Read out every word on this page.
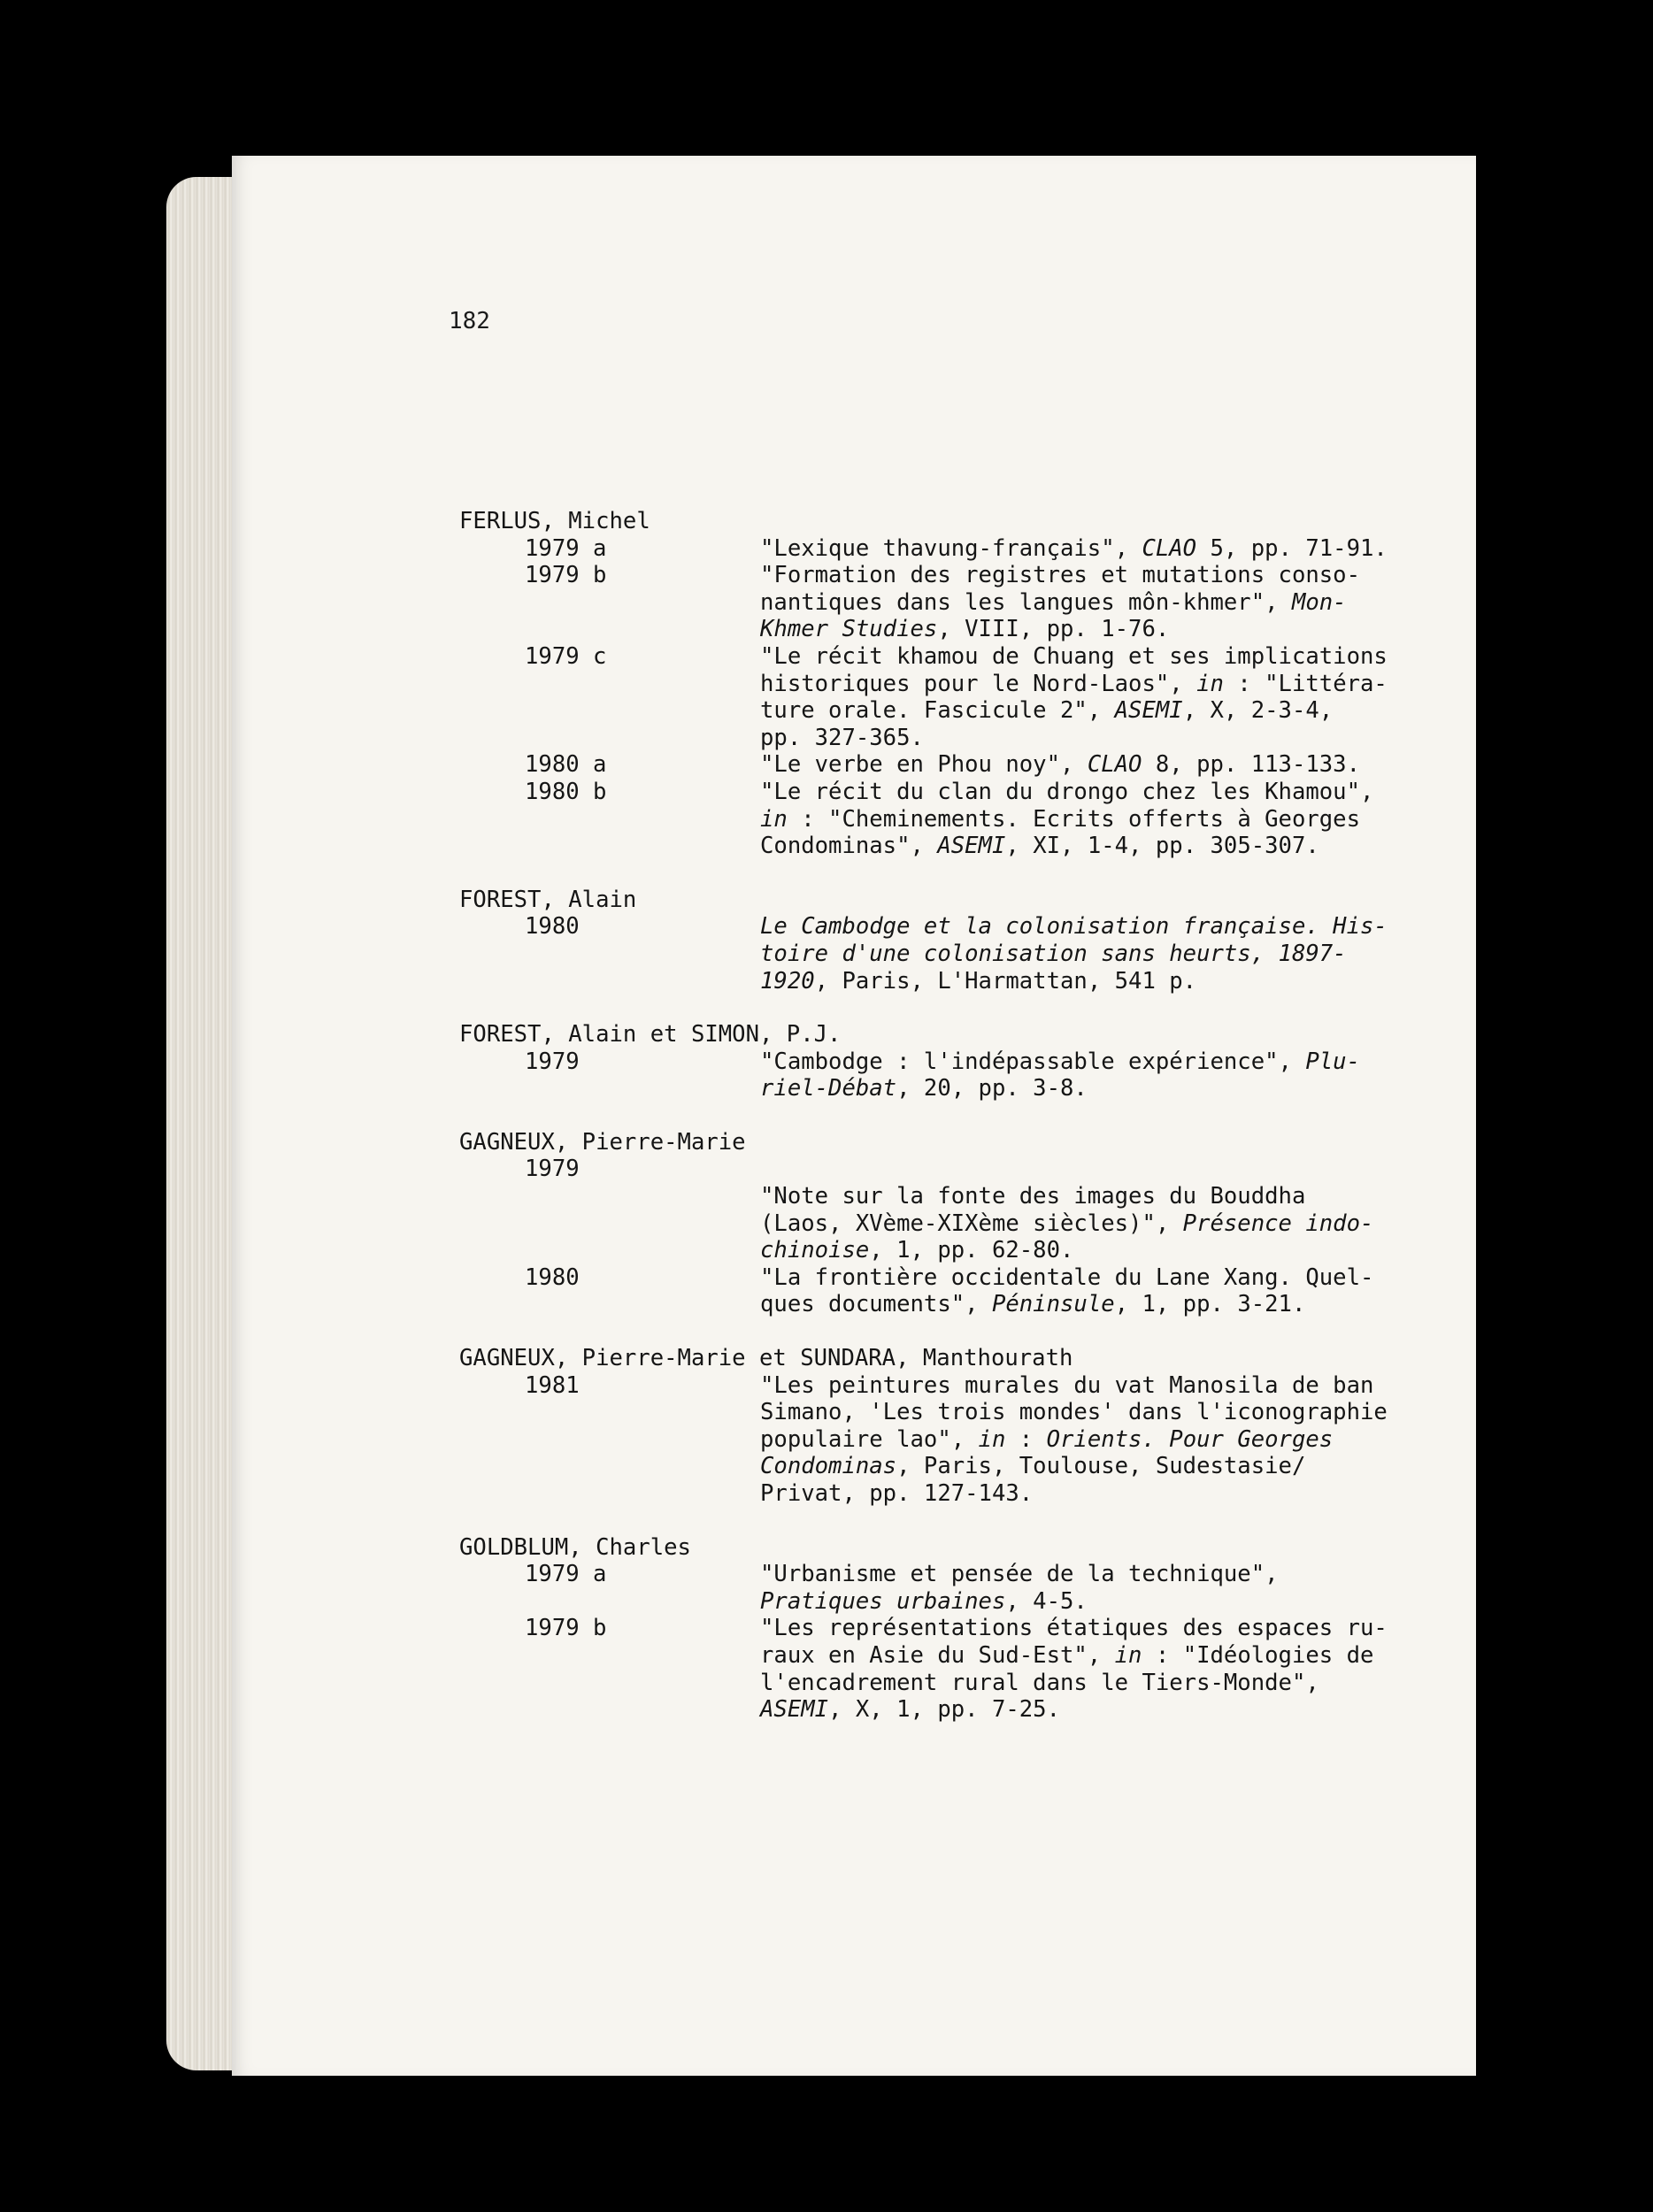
182
FERLUS, Michel
1979 a	"Lexique thavung-français", CLAO 5, pp. 71-91.
1979 b	"Formation des registres et mutations conso-
nantiques dans les langues môn-khmer", Mon-
Khmer Studies, VIII, pp. 1-76.
1979 c	"Le récit khamou de Chuang et ses implications
historiques pour le Nord-Laos", in : "Littéra-
ture orale. Fascicule 2", ASEMI, X, 2-3-4,
pp. 327-365.
1980 a	"Le verbe en Phou noy", CLAO 8, pp. 113-133.
1980 b	"Le récit du clan du drongo chez les Khamou",
in : "Cheminements. Ecrits offerts à Georges
Condominas", ASEMI, XI, 1-4, pp. 305-307.
FOREST, Alain
1980	Le Cambodge et la colonisation française. His-
toire d'une colonisation sans heurts, 1897-
1920, Paris, L'Harmattan, 541 p.
FOREST, Alain et SIMON, P.J.
1979	"Cambodge : l'indépassable expérience", Plu-
riel-Débat, 20, pp. 3-8.
GAGNEUX, Pierre-Marie
1979

"Note sur la fonte des images du Bouddha
(Laos, XVème-XIXème siècles)", Présence indo-
chinoise, 1, pp. 62-80.
1980	"La frontière occidentale du Lane Xang. Quel-
ques documents", Péninsule, 1, pp. 3-21.
GAGNEUX, Pierre-Marie et SUNDARA, Manthourath
1981	"Les peintures murales du vat Manosila de ban
Simano, 'Les trois mondes' dans l'iconographie
populaire lao", in : Orients. Pour Georges
Condominas, Paris, Toulouse, Sudestasie/
Privat, pp. 127-143.
GOLDBLUM, Charles
1979 a	"Urbanisme et pensée de la technique",
Pratiques urbaines, 4-5.
1979 b	"Les représentations étatiques des espaces ru-
raux en Asie du Sud-Est", in : "Idéologies de
l'encadrement rural dans le Tiers-Monde",
ASEMI, X, 1, pp. 7-25.
